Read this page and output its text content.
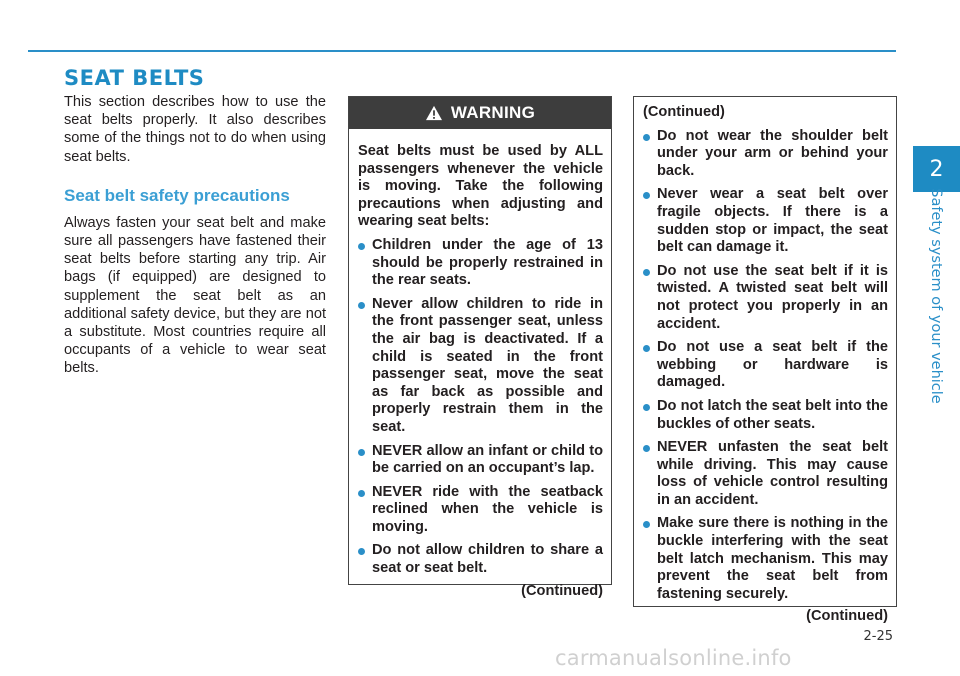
SEAT BELTS

This section describes how to use the seat belts properly. It also describes some of the things not to do when using seat belts.

Seat belt safety precautions

Always fasten your seat belt and make sure all passengers have fastened their seat belts before starting any trip. Air bags (if equipped) are designed to supplement the seat belt as an additional safety device, but they are not a substitute. Most countries require all occupants of a vehicle to wear seat belts.

WARNING

Seat belts must be used by ALL passengers whenever the vehicle is moving. Take the following precautions when adjusting and wearing seat belts:

Children under the age of 13 should be properly restrained in the rear seats.
Never allow children to ride in the front passenger seat, unless the air bag is deactivated. If a child is seated in the front passenger seat, move the seat as far back as possible and properly restrain them in the seat.
NEVER allow an infant or child to be carried on an occupant’s lap.
NEVER ride with the seatback reclined when the vehicle is moving.
Do not allow children to share a seat or seat belt.

(Continued)

(Continued)

Do not wear the shoulder belt under your arm or behind your back.
Never wear a seat belt over fragile objects. If there is a sudden stop or impact, the seat belt can damage it.
Do not use the seat belt if it is twisted. A twisted seat belt will not protect you properly in an accident.
Do not use a seat belt if the webbing or hardware is damaged.
Do not latch the seat belt into the buckles of other seats.
NEVER unfasten the seat belt while driving. This may cause loss of vehicle control resulting in an accident.
Make sure there is nothing in the buckle interfering with the seat belt latch mechanism. This may prevent the seat belt from fastening securely.

(Continued)

2
Safety system of your vehicle
2-25
carmanualsonline.info
